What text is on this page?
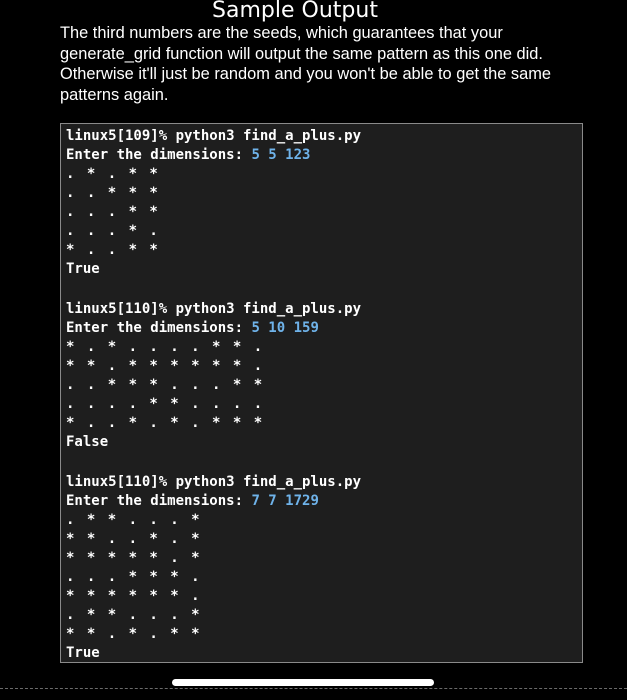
Sample Output
The third numbers are the seeds, which guarantees that your generate_grid function will output the same pattern as this one did. Otherwise it'll just be random and you won't be able to get the same patterns again.
linux5[109]% python3 find_a_plus.py
Enter the dimensions: 5 5 123
. * . * *
. . * * *
. . . * *
. . . * .
* . . * *
True
linux5[110]% python3 find_a_plus.py
Enter the dimensions: 5 10 159
* . * . . . . * * .
* * . * * * * * * .
. . * * * . . . * *
. . . . * * . . . .
* . . * . * . * * *
False
linux5[110]% python3 find_a_plus.py
Enter the dimensions: 7 7 1729
. * * . . . *
* * . . * . *
* * * * * . *
. . . * * * .
* * * * * * .
. * * . . . *
* * . * . * *
True
